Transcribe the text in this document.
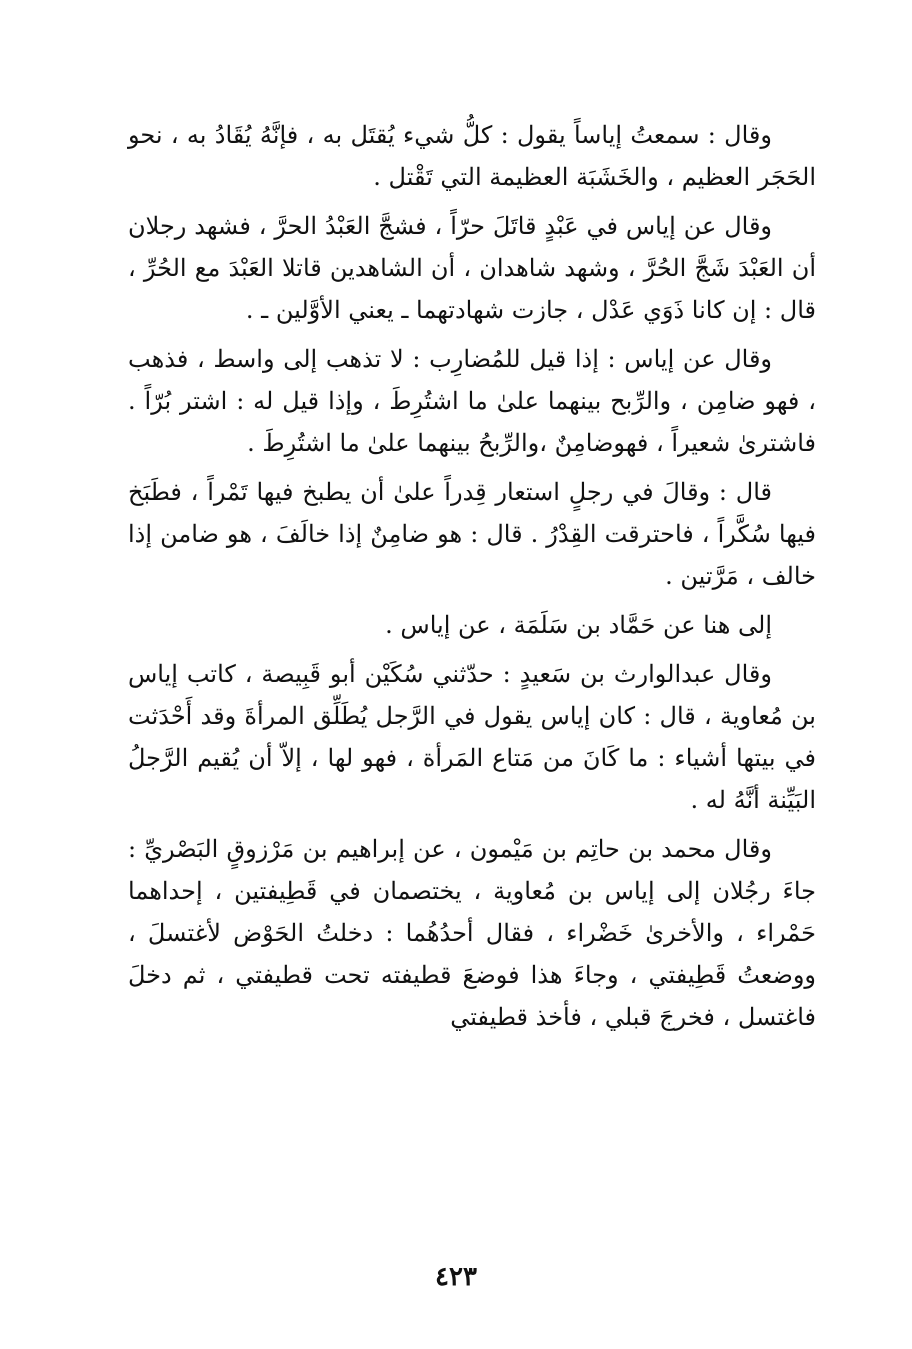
وقال : سمعتُ إياساً يقول : كلُّ شيء يُقتَل به ، فإنَّهُ يُقَادُ به ، نحو الحَجَر العظيم ، والخَشَبَة العظيمة التي تَقْتل .

وقال عن إياس في عَبْدٍ قاتَلَ حرّاً ، فشجَّ العَبْدُ الحرَّ ، فشهد رجلان أن العَبْدَ شَجَّ الحُرَّ ، وشهد شاهدان ، أن الشاهدين قاتلا العَبْدَ مع الحُرِّ ، قال : إن كانا ذَوَي عَدْل ، جازت شهادتهما ـ يعني الأوَّلين ـ .

وقال عن إياس : إذا قيل للمُضارِب : لا تذهب إلى واسط ، فذهب ، فهو ضامِن ، والرِّبح بينهما علىٰ ما اشتُرِطَ ، وإذا قيل له : اشتر بُرّاً . فاشترىٰ شعيراً ، فهوضامِنٌ ،والرِّبحُ بينهما علىٰ ما اشتُرِطَ .

قال : وقالَ في رجلٍ استعار قِدراً علىٰ أن يطبخ فيها تَمْراً ، فطَبَخ فيها سُكَّراً ، فاحترقت القِدْرُ . قال : هو ضامِنٌ إذا خالَفَ ، هو ضامن إذا خالف ، مَرَّتين .

إلى هنا عن حَمَّاد بن سَلَمَة ، عن إياس .

وقال عبدالوارث بن سَعيدٍ : حدّثني سُكَيْن أبو قَبِيصة ، كاتب إياس بن مُعاوية ، قال : كان إياس يقول في الرَّجل يُطَلِّق المرأةَ وقد أَحْدَثت في بيتها أشياء : ما كَانَ من مَتاع المَرأة ، فهو لها ، إلاّ أن يُقيم الرَّجلُ البَيِّنة أنَّهُ له .

وقال محمد بن حاتِم بن مَيْمون ، عن إبراهيم بن مَرْزوقٍ البَصْريِّ : جاءَ رجُلان إلى إياس بن مُعاوية ، يختصمان في قَطِيفتين ، إحداهما حَمْراء ، والأخرىٰ خَضْراء ، فقال أحدُهُما : دخلتُ الحَوْض لأغتسلَ ، ووضعتُ قَطِيفتي ، وجاءَ هذا فوضعَ قطيفته تحت قطيفتي ، ثم دخلَ فاغتسل ، فخرجَ قبلي ، فأخذ قطيفتي

٤٢٣
